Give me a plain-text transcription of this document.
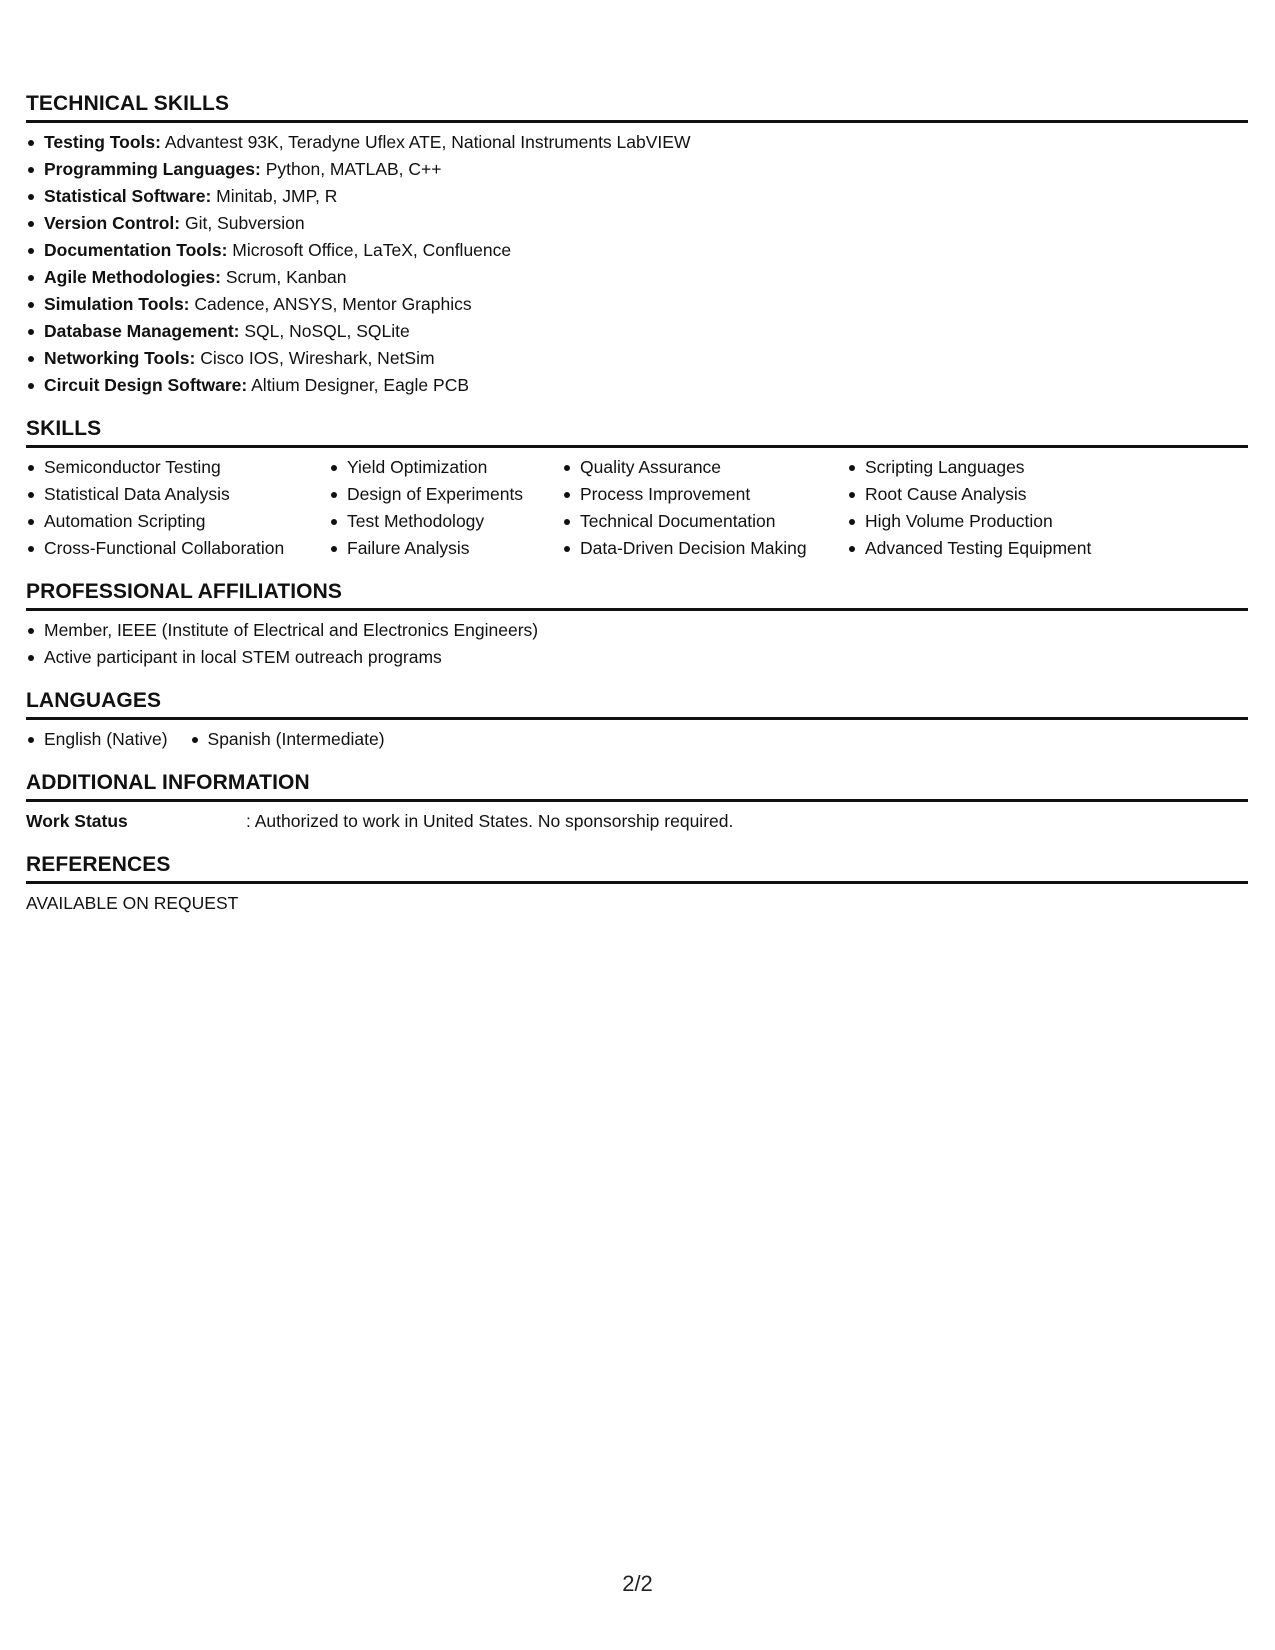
TECHNICAL SKILLS
Testing Tools: Advantest 93K, Teradyne Uflex ATE, National Instruments LabVIEW
Programming Languages: Python, MATLAB, C++
Statistical Software: Minitab, JMP, R
Version Control: Git, Subversion
Documentation Tools: Microsoft Office, LaTeX, Confluence
Agile Methodologies: Scrum, Kanban
Simulation Tools: Cadence, ANSYS, Mentor Graphics
Database Management: SQL, NoSQL, SQLite
Networking Tools: Cisco IOS, Wireshark, NetSim
Circuit Design Software: Altium Designer, Eagle PCB
SKILLS
Semiconductor Testing
Statistical Data Analysis
Automation Scripting
Cross-Functional Collaboration
Yield Optimization
Design of Experiments
Test Methodology
Failure Analysis
Quality Assurance
Process Improvement
Technical Documentation
Data-Driven Decision Making
Scripting Languages
Root Cause Analysis
High Volume Production
Advanced Testing Equipment
PROFESSIONAL AFFILIATIONS
Member, IEEE (Institute of Electrical and Electronics Engineers)
Active participant in local STEM outreach programs
LANGUAGES
English (Native)	Spanish (Intermediate)
ADDITIONAL INFORMATION
Work Status	: Authorized to work in United States. No sponsorship required.
REFERENCES
AVAILABLE ON REQUEST
2/2
